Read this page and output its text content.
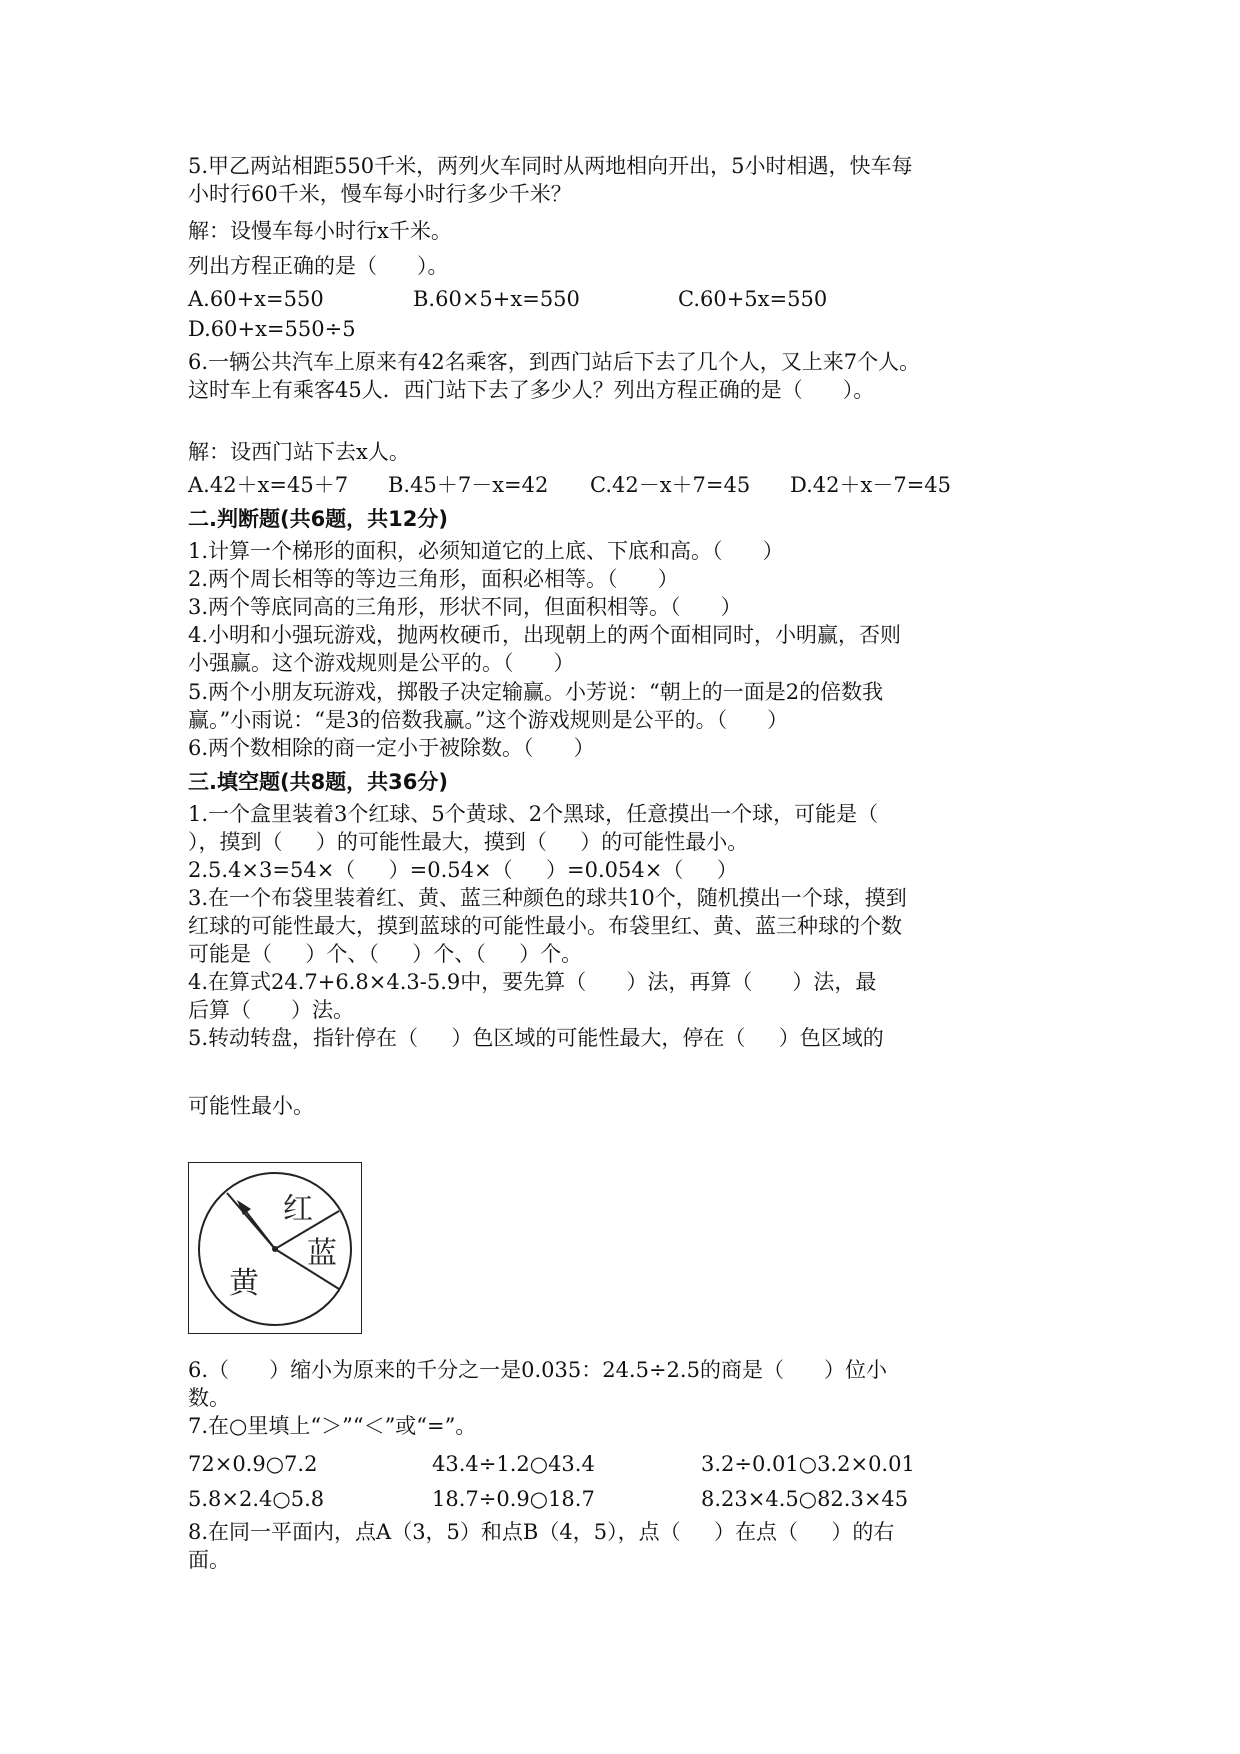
5.甲乙两站相距550千米，两列火车同时从两地相向开出，5小时相遇，快车每
小时行60千米，慢车每小时行多少千米？
解：设慢车每小时行x千米。
列出方程正确的是（      ）。
A.60+x=550	B.60×5+x=550	C.60+5x=550
D.60+x=550÷5
6.一辆公共汽车上原来有42名乘客，到西门站后下去了几个人，又上来7个人。
这时车上有乘客45人．西门站下去了多少人？列出方程正确的是（      ）。
解：设西门站下去x人。
A.42＋x=45＋7 B.45＋7－x=42 C.42－x＋7=45 D.42＋x－7=45
二.判断题(共6题，共12分)
1.计算一个梯形的面积，必须知道它的上底、下底和高。（      ）
2.两个周长相等的等边三角形，面积必相等。（      ）
3.两个等底同高的三角形，形状不同，但面积相等。（      ）
4.小明和小强玩游戏，抛两枚硬币，出现朝上的两个面相同时，小明赢，否则
小强赢。这个游戏规则是公平的。（      ）
5.两个小朋友玩游戏，掷骰子决定输赢。小芳说：“朝上的一面是2的倍数我
赢。”小雨说：“是3的倍数我赢。”这个游戏规则是公平的。（      ）
6.两个数相除的商一定小于被除数。（      ）
三.填空题(共8题，共36分)
1.一个盒里装着3个红球、5个黄球、2个黑球，任意摸出一个球，可能是（
），摸到（     ）的可能性最大，摸到（     ）的可能性最小。
2.5.4×3=54×（     ）=0.54×（     ）=0.054×（     ）
3.在一个布袋里装着红、黄、蓝三种颜色的球共10个，随机摸出一个球，摸到
红球的可能性最大，摸到蓝球的可能性最小。布袋里红、黄、蓝三种球的个数
可能是（     ）个、（     ）个、（     ）个。
4.在算式24.7+6.8×4.3-5.9中，要先算（      ）法，再算（      ）法，最
后算（      ）法。
5.转动转盘，指针停在（     ）色区域的可能性最大，停在（     ）色区域的
可能性最小。
红
蓝
黄
6.（      ）缩小为原来的千分之一是0.035：24.5÷2.5的商是（      ）位小
数。
7.在○里填上“＞”“＜”或“=”。
72×0.9○7.2	43.4÷1.2○43.4	3.2÷0.01○3.2×0.01
5.8×2.4○5.8	18.7÷0.9○18.7	8.23×4.5○82.3×45
8.在同一平面内，点A（3，5）和点B（4，5），点（     ）在点（     ）的右
面。
